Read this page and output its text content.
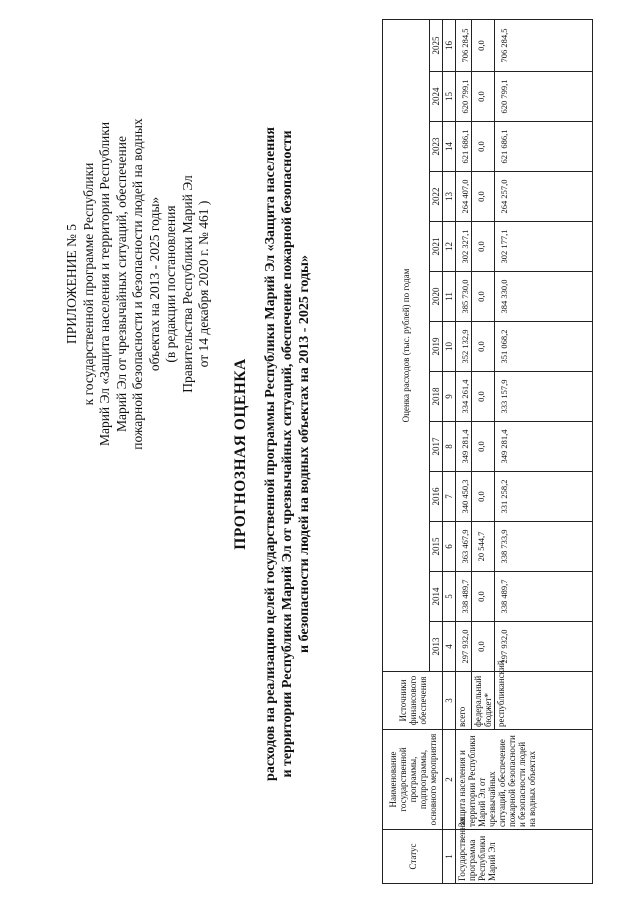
ПРИЛОЖЕНИЕ № 5 к государственной программе Республики Марий Эл «Защита населения и территории Республики Марий Эл от чрезвычайных ситуаций, обеспечение пожарной безопасности и безопасности людей на водных объектах на 2013 - 2025 годы» (в редакции постановления Правительства Республики Марий Эл от 14 декабря 2020 г. № 461 )
ПРОГНОЗНАЯ ОЦЕНКА расходов на реализацию целей государственной программы Республики Марий Эл «Защита населения и территории Республики Марий Эл от чрезвычайных ситуаций, обеспечение пожарной безопасности и безопасности людей на водных объектах на 2013 - 2025 годы»
Статус	Наименование государственной программы, подпрограммы, основного мероприятия	Источники финансового обеспечения	Оценка расходов (тыс. рублей) по годам												
			2013	2014	2015	2016	2017	2018	2019	2020	2021	2022	2023	2024	2025
1	2	3	4	5	6	7	8	9	10	11	12	13	14	15	16
Государственная программа Республики Марий Эл	Защита населения и территории Республики Марий Эл от чрезвычайных ситуаций, обеспечение пожарной безопасности и безопасности людей на водных объектах	всего	297 932,0	338 489,7	363 467,9	340 450,3	349 281,4	334 261,4	352 132,9	385 730,0	302 327,1	264 407,0	621 686,1	620 799,1	706 284,5
		федеральный бюджет*	0,0	0,0	20 544,7	0,0	0,0	0,0	0,0	0,0	0,0	0,0	0,0	0,0	0,0
		республиканский	297 932,0	338 489,7	338 733,9	331 258,2	349 281,4	333 157,9	351 068,2	384 330,0	302 177,1	264 257,0	621 686,1	620 799,1	706 284,5
